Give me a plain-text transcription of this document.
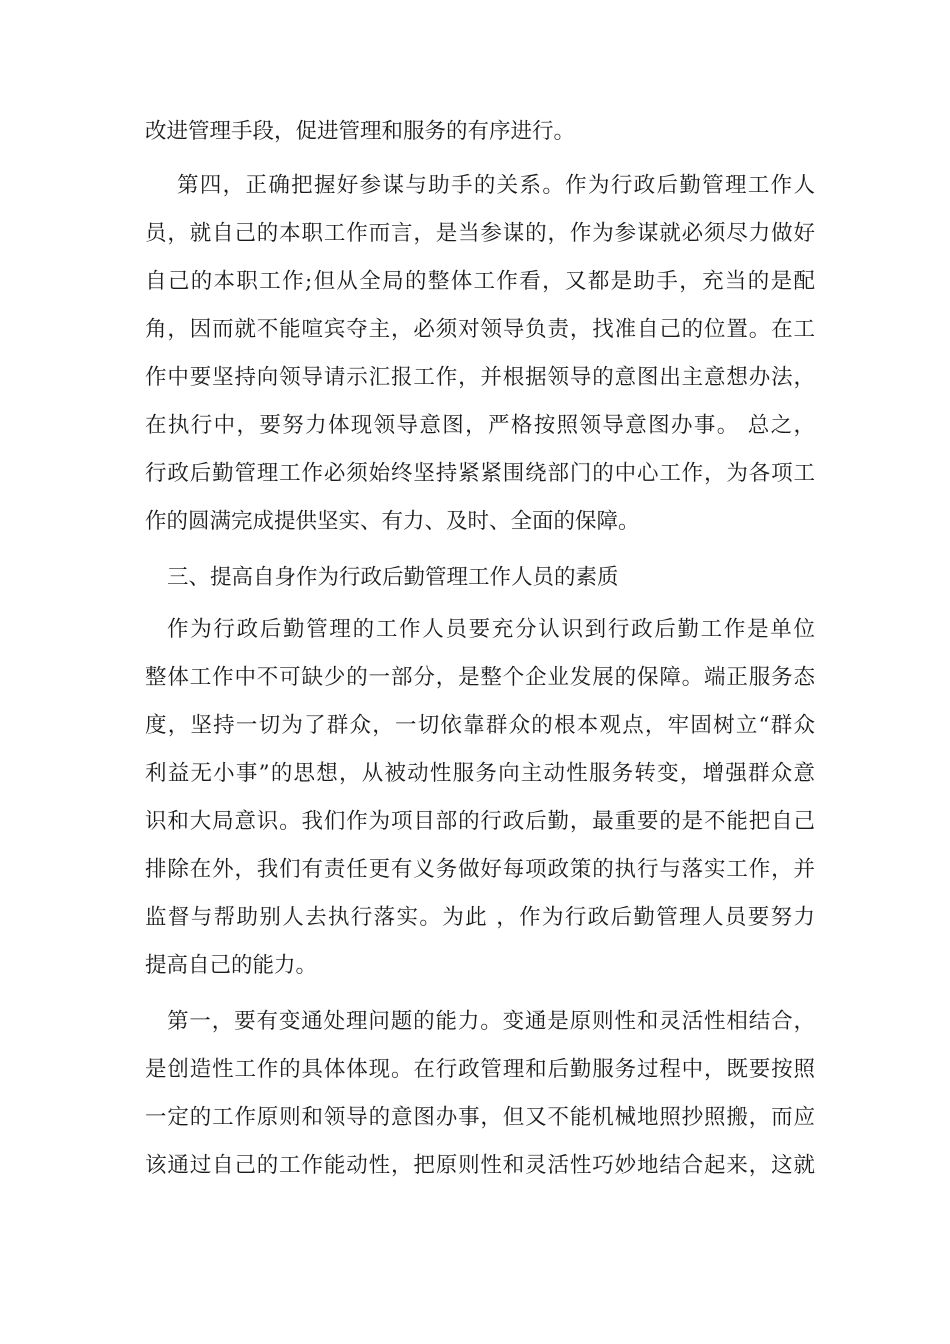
改进管理手段，促进管理和服务的有序进行。
第四，正确把握好参谋与助手的关系。作为行政后勤管理工作人
员，就自己的本职工作而言，是当参谋的，作为参谋就必须尽力做好
自己的本职工作;但从全局的整体工作看，又都是助手，充当的是配
角，因而就不能喧宾夺主，必须对领导负责，找准自己的位置。在工
作中要坚持向领导请示汇报工作，并根据领导的意图出主意想办法，
在执行中，要努力体现领导意图，严格按照领导意图办事。 总之，
行政后勤管理工作必须始终坚持紧紧围绕部门的中心工作，为各项工
作的圆满完成提供坚实、有力、及时、全面的保障。
三、提高自身作为行政后勤管理工作人员的素质
作为行政后勤管理的工作人员要充分认识到行政后勤工作是单位
整体工作中不可缺少的一部分，是整个企业发展的保障。端正服务态
度，坚持一切为了群众，一切依靠群众的根本观点，牢固树立“群众
利益无小事”的思想，从被动性服务向主动性服务转变，增强群众意
识和大局意识。我们作为项目部的行政后勤，最重要的是不能把自己
排除在外，我们有责任更有义务做好每项政策的执行与落实工作，并
监督与帮助别人去执行落实。为此 ，作为行政后勤管理人员要努力
提高自己的能力。
第一，要有变通处理问题的能力。变通是原则性和灵活性相结合，
是创造性工作的具体体现。在行政管理和后勤服务过程中，既要按照
一定的工作原则和领导的意图办事，但又不能机械地照抄照搬，而应
该通过自己的工作能动性，把原则性和灵活性巧妙地结合起来，这就
